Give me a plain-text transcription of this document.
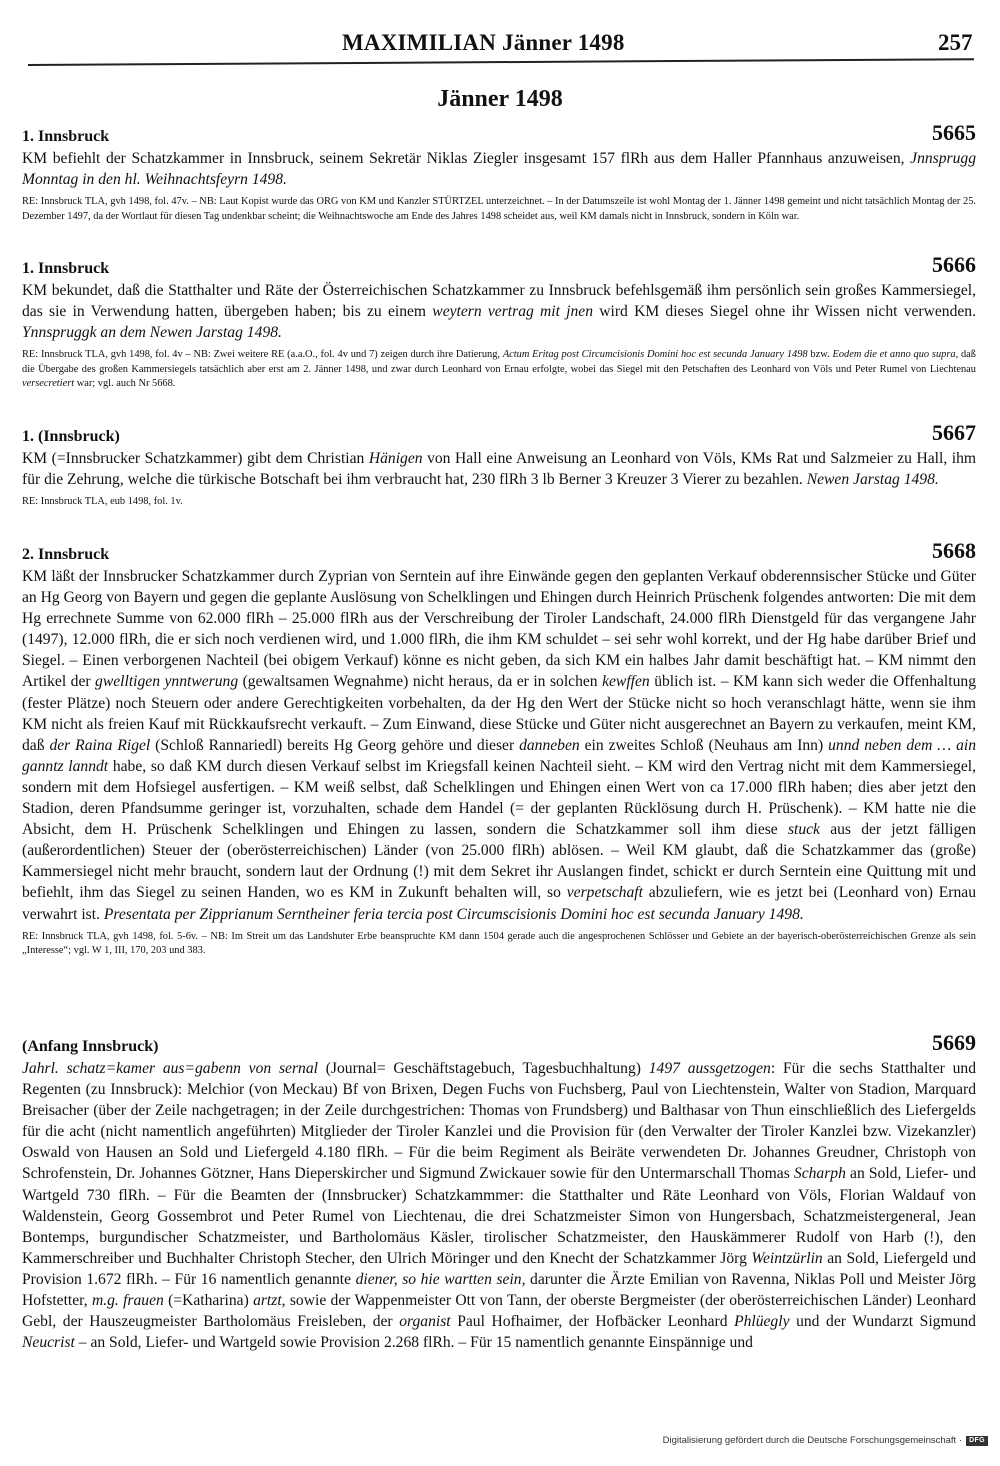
MAXIMILIAN Jänner 1498	257
Jänner 1498
1. Innsbruck	5665

KM befiehlt der Schatzkammer in Innsbruck, seinem Sekretär Niklas Ziegler insgesamt 157 flRh aus dem Haller Pfannhaus anzuweisen, Jnnsprugg Monntag in den hl. Weihnachtsfeyrn 1498.

RE: Innsbruck TLA, gvh 1498, fol. 47v. – NB: Laut Kopist wurde das ORG von KM und Kanzler STÜRTZEL unterzeichnet. – In der Datumszeile ist wohl Montag der 1. Jänner 1498 gemeint und nicht tatsächlich Montag der 25. Dezember 1497, da der Wortlaut für diesen Tag undenkbar scheint; die Weihnachtswoche am Ende des Jahres 1498 scheidet aus, weil KM damals nicht in Innsbruck, sondern in Köln war.

1. Innsbruck	5666

KM bekundet, daß die Statthalter und Räte der Österreichischen Schatzkammer zu Innsbruck befehlsgemäß ihm persönlich sein großes Kammersiegel, das sie in Verwendung hatten, übergeben haben; bis zu einem weytern vertrag mit jnen wird KM dieses Siegel ohne ihr Wissen nicht verwenden. Ynnspruggk an dem Newen Jarstag 1498.

RE: Innsbruck TLA, gvh 1498, fol. 4v – NB: Zwei weitere RE (a.a.O., fol. 4v und 7) zeigen durch ihre Datierung, Actum Eritag post Circumcisionis Domini hoc est secunda January 1498 bzw. Eodem die et anno quo supra, daß die Übergabe des großen Kammersiegels tatsächlich aber erst am 2. Jänner 1498, und zwar durch Leonhard von Ernau erfolgte, wobei das Siegel mit den Petschaften des Leonhard von Völs und Peter Rumel von Liechtenau versecretiert war; vgl. auch Nr 5668.

1. (Innsbruck)	5667

KM (=Innsbrucker Schatzkammer) gibt dem Christian Hänigen von Hall eine Anweisung an Leonhard von Völs, KMs Rat und Salzmeier zu Hall, ihm für die Zehrung, welche die türkische Botschaft bei ihm verbraucht hat, 230 flRh 3 lb Berner 3 Kreuzer 3 Vierer zu bezahlen. Newen Jarstag 1498.

RE: Innsbruck TLA, eub 1498, fol. 1v.

2. Innsbruck	5668

KM läßt der Innsbrucker Schatzkammer durch Zyprian von Serntein auf ihre Einwände gegen den geplanten Verkauf obderennsischer Stücke und Güter an Hg Georg von Bayern und gegen die geplante Auslösung von Schelklingen und Ehingen durch Heinrich Prüschenk folgendes antworten: Die mit dem Hg errechnete Summe von 62.000 flRh – 25.000 flRh aus der Verschreibung der Tiroler Landschaft, 24.000 flRh Dienstgeld für das vergangene Jahr (1497), 12.000 flRh, die er sich noch verdienen wird, und 1.000 flRh, die ihm KM schuldet – sei sehr wohl korrekt, und der Hg habe darüber Brief und Siegel. – Einen verborgenen Nachteil (bei obigem Verkauf) könne es nicht geben, da sich KM ein halbes Jahr damit beschäftigt hat. – KM nimmt den Artikel der gwelltigen ynntwerung (gewaltsamen Wegnahme) nicht heraus, da er in solchen kewffen üblich ist. – KM kann sich weder die Offenhaltung (fester Plätze) noch Steuern oder andere Gerechtigkeiten vorbehalten, da der Hg den Wert der Stücke nicht so hoch veranschlagt hätte, wenn sie ihm KM nicht als freien Kauf mit Rückkaufsrecht verkauft. – Zum Einwand, diese Stücke und Güter nicht ausgerechnet an Bayern zu verkaufen, meint KM, daß der Raina Rigel (Schloß Rannariedl) bereits Hg Georg gehöre und dieser danneben ein zweites Schloß (Neuhaus am Inn) unnd neben dem … ain ganntz lanndt habe, so daß KM durch diesen Verkauf selbst im Kriegsfall keinen Nachteil sieht. – KM wird den Vertrag nicht mit dem Kammersiegel, sondern mit dem Hofsiegel ausfertigen. – KM weiß selbst, daß Schelklingen und Ehingen einen Wert von ca 17.000 flRh haben; dies aber jetzt den Stadion, deren Pfandsumme geringer ist, vorzuhalten, schade dem Handel (= der geplanten Rücklösung durch H. Prüschenk). – KM hatte nie die Absicht, dem H. Prüschenk Schelklingen und Ehingen zu lassen, sondern die Schatzkammer soll ihm diese stuck aus der jetzt fälligen (außerordentlichen) Steuer der (oberösterreichischen) Länder (von 25.000 flRh) ablösen. – Weil KM glaubt, daß die Schatzkammer das (große) Kammersiegel nicht mehr braucht, sondern laut der Ordnung (!) mit dem Sekret ihr Auslangen findet, schickt er durch Serntein eine Quittung mit und befiehlt, ihm das Siegel zu seinen Handen, wo es KM in Zukunft behalten will, so verpetschaft abzuliefern, wie es jetzt bei (Leonhard von) Ernau verwahrt ist. Presentata per Zipprianum Serntheiner feria tercia post Circumscisionis Domini hoc est secunda January 1498.

RE: Innsbruck TLA, gvh 1498, fol. 5-6v. – NB: Im Streit um das Landshuter Erbe beanspruchte KM dann 1504 gerade auch die angesprochenen Schlösser und Gebiete an der bayerisch-oberösterreichischen Grenze als sein „Interesse“; vgl. W 1, III, 170, 203 und 383.

(Anfang Innsbruck)	5669

Jahrl. schatz=kamer aus=gabenn von sernal (Journal= Geschäftstagebuch, Tagesbuchhaltung) 1497 aussgetzogen: Für die sechs Statthalter und Regenten (zu Innsbruck): Melchior (von Meckau) Bf von Brixen, Degen Fuchs von Fuchsberg, Paul von Liechtenstein, Walter von Stadion, Marquard Breisacher (über der Zeile nachgetragen; in der Zeile durchgestrichen: Thomas von Frundsberg) und Balthasar von Thun einschließlich des Liefergelds für die acht (nicht namentlich angeführten) Mitglieder der Tiroler Kanzlei und die Provision für (den Verwalter der Tiroler Kanzlei bzw. Vizekanzler) Oswald von Hausen an Sold und Liefergeld 4.180 flRh. – Für die beim Regiment als Beiräte verwendeten Dr. Johannes Greudner, Christoph von Schrofenstein, Dr. Johannes Götzner, Hans Dieperskircher und Sigmund Zwickauer sowie für den Untermarschall Thomas Scharph an Sold, Liefer- und Wartgeld 730 flRh. – Für die Beamten der (Innsbrucker) Schatzkammmer: die Statthalter und Räte Leonhard von Völs, Florian Waldauf von Waldenstein, Georg Gossembrot und Peter Rumel von Liechtenau, die drei Schatzmeister Simon von Hungersbach, Schatzmeistergeneral, Jean Bontemps, burgundischer Schatzmeister, und Bartholomäus Käsler, tirolischer Schatzmeister, den Hauskämmerer Rudolf von Harb (!), den Kammerschreiber und Buchhalter Christoph Stecher, den Ulrich Möringer und den Knecht der Schatzkammer Jörg Weintzürlin an Sold, Liefergeld und Provision 1.672 flRh. – Für 16 namentlich genannte diener, so hie wartten sein, darunter die Ärzte Emilian von Ravenna, Niklas Poll und Meister Jörg Hofstetter, m.g. frauen (=Katharina) artzt, sowie der Wappenmeister Ott von Tann, der oberste Bergmeister (der oberösterreichischen Länder) Leonhard Gebl, der Hauszeugmeister Bartholomäus Freisleben, der organist Paul Hofhaimer, der Hofbäcker Leonhard Phlüegly und der Wundarzt Sigmund Neucrist – an Sold, Liefer- und Wartgeld sowie Provision 2.268 flRh. – Für 15 namentlich genannte Einspännige und

Digitalisierung gefördert durch die Deutsche Forschungsgemeinschaft ·	DFG
